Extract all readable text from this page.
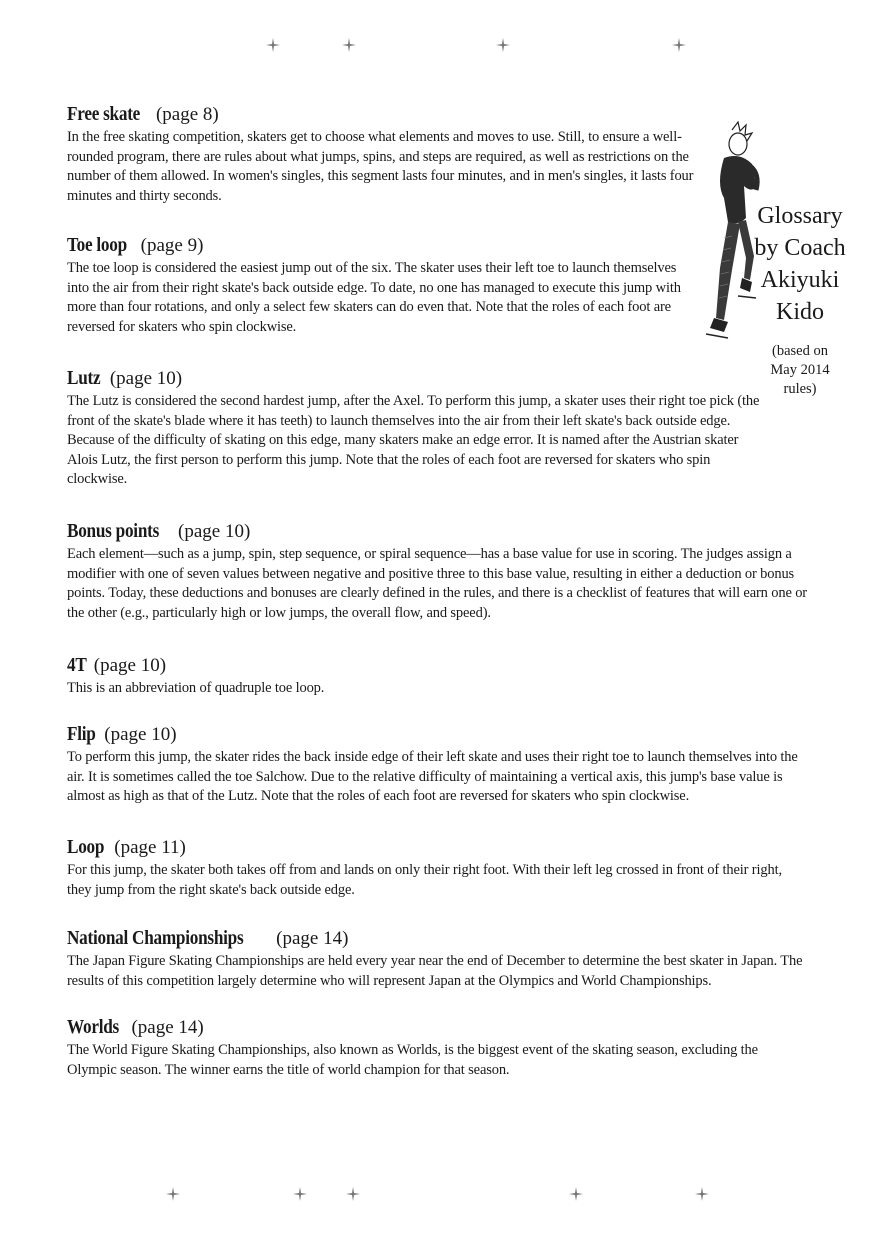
Free skate (page 8)

In the free skating competition, skaters get to choose what elements and moves to use. Still, to ensure a well-rounded program, there are rules about what jumps, spins, and steps are required, as well as restrictions on the number of them allowed. In women's singles, this segment lasts four minutes, and in men's singles, it lasts four minutes and thirty seconds.

Toe loop (page 9)

The toe loop is considered the easiest jump out of the six. The skater uses their left toe to launch themselves into the air from their right skate's back outside edge. To date, no one has managed to execute this jump with more than four rotations, and only a select few skaters can do even that. Note that the roles of each foot are reversed for skaters who spin clockwise.

Lutz (page 10)

The Lutz is considered the second hardest jump, after the Axel. To perform this jump, a skater uses their right toe pick (the front of the skate's blade where it has teeth) to launch themselves into the air from their left skate's back outside edge. Because of the difficulty of skating on this edge, many skaters make an edge error. It is named after the Austrian skater Alois Lutz, the first person to perform this jump. Note that the roles of each foot are reversed for skaters who spin clockwise.

Bonus points (page 10)

Each element—such as a jump, spin, step sequence, or spiral sequence—has a base value for use in scoring. The judges assign a modifier with one of seven values between negative and positive three to this base value, resulting in either a deduction or bonus points. Today, these deductions and bonuses are clearly defined in the rules, and there is a checklist of features that will earn one or the other (e.g., particularly high or low jumps, the overall flow, and speed).

4T (page 10)

This is an abbreviation of quadruple toe loop.

Flip (page 10)

To perform this jump, the skater rides the back inside edge of their left skate and uses their right toe to launch themselves into the air. It is sometimes called the toe Salchow. Due to the relative difficulty of maintaining a vertical axis, this jump's base value is almost as high as that of the Lutz. Note that the roles of each foot are reversed for skaters who spin clockwise.

Loop (page 11)

For this jump, the skater both takes off from and lands on only their right foot. With their left leg crossed in front of their right, they jump from the right skate's back outside edge.

National Championships (page 14)

The Japan Figure Skating Championships are held every year near the end of December to determine the best skater in Japan. The results of this competition largely determine who will represent Japan at the Olympics and World Championships.

Worlds (page 14)

The World Figure Skating Championships, also known as Worlds, is the biggest event of the skating season, excluding the Olympic season. The winner earns the title of world champion for that season.

Glossary
by Coach
Akiyuki
Kido

(based on
May 2014
rules)
